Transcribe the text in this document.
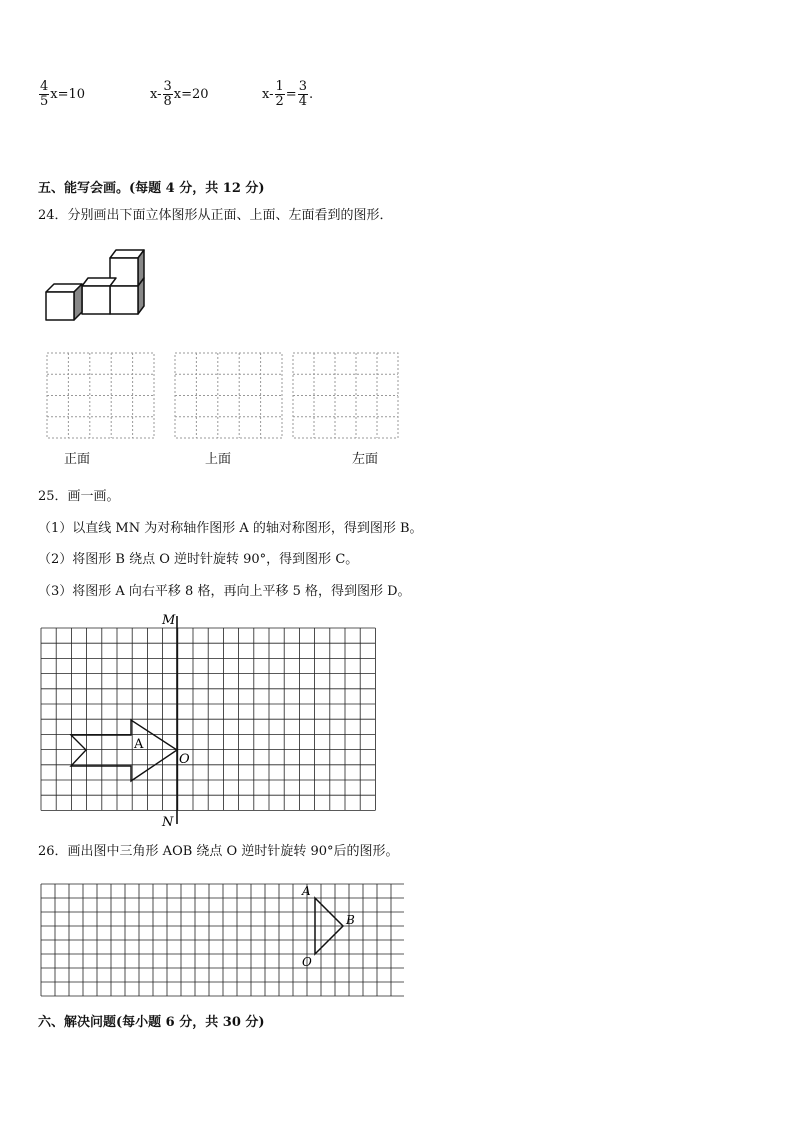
$\frac{4}{5} x=10$	$x- \frac{3}{8} x=20$	$x- \frac{1}{2} = \frac{3}{4}$ .
五、能写会画。(每题 4 分，共 12 分)
24．分别画出下面立体图形从正面、上面、左面看到的图形．
正面	上面	左面
25．画一画。
（1）以直线 MN 为对称轴作图形 A 的轴对称图形，得到图形 B。
（2）将图形 B 绕点 O 逆时针旋转 90°，得到图形 C。
（3）将图形 A 向右平移 8 格，再向上平移 5 格，得到图形 D。
M
N
O
A
26．画出图中三角形 AOB 绕点 O 逆时针旋转 90°后的图形。
A
B
O
六、解决问题(每小题 6 分，共 30 分)
